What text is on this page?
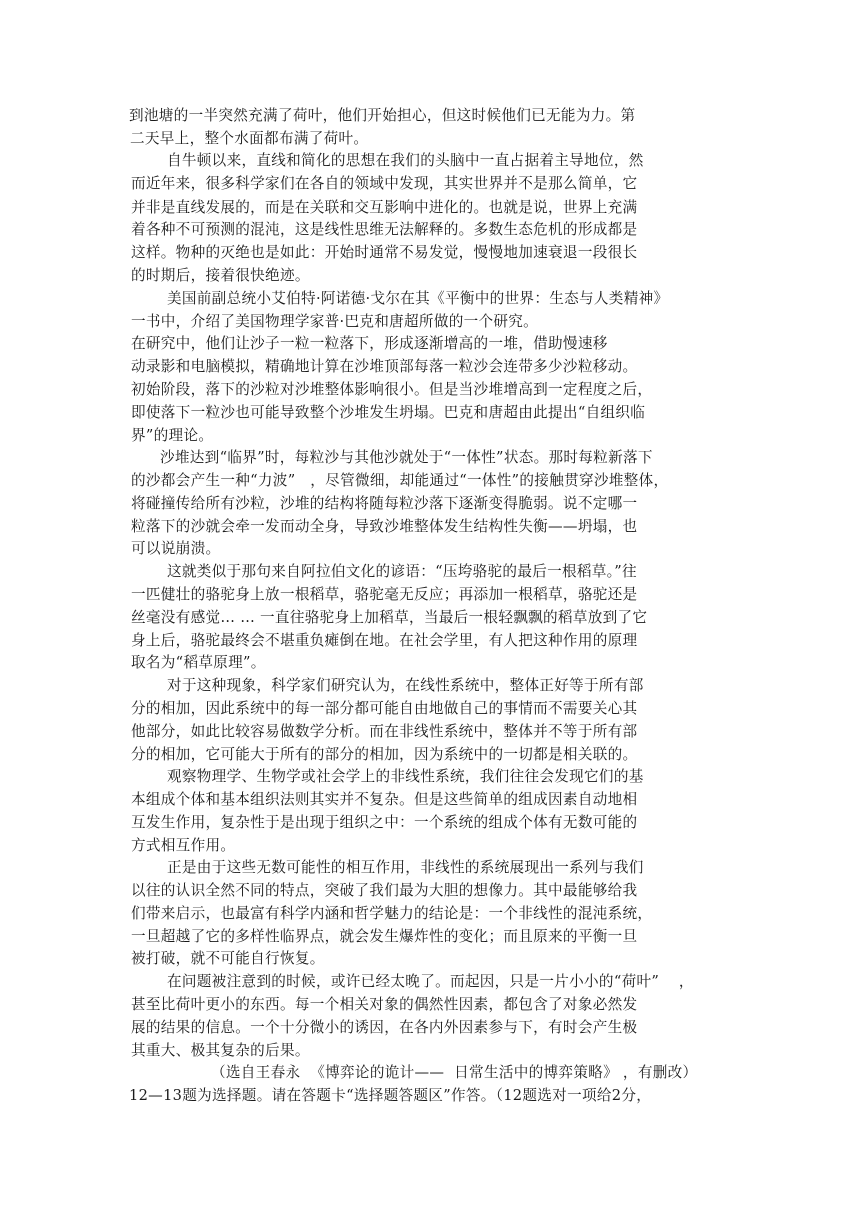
到池塘的一半突然充满了荷叶，他们开始担心，但这时候他们已无能为力。第
二天早上，整个水面都布满了荷叶。
自牛顿以来，直线和简化的思想在我们的头脑中一直占据着主导地位，然
而近年来，很多科学家们在各自的领域中发现，其实世界并不是那么简单，它
并非是直线发展的，而是在关联和交互影响中进化的。也就是说，世界上充满
着各种不可预测的混沌，这是线性思维无法解释的。多数生态危机的形成都是
这样。物种的灭绝也是如此：开始时通常不易发觉，慢慢地加速衰退一段很长
的时期后，接着很快绝迹。
美国前副总统小艾伯特·阿诺德·戈尔在其《平衡中的世界：生态与人类精神》
一书中，介绍了美国物理学家普·巴克和唐超所做的一个研究。
在研究中，他们让沙子一粒一粒落下，形成逐渐增高的一堆，借助慢速移
动录影和电脑模拟，精确地计算在沙堆顶部每落一粒沙会连带多少沙粒移动。
初始阶段，落下的沙粒对沙堆整体影响很小。但是当沙堆增高到一定程度之后，
即使落下一粒沙也可能导致整个沙堆发生坍塌。巴克和唐超由此提出“自组织临
界”的理论。
沙堆达到“临界”时，每粒沙与其他沙就处于“一体性”状态。那时每粒新落下
的沙都会产生一种“力波”   ，尽管微细，却能通过“一体性”的接触贯穿沙堆整体，
将碰撞传给所有沙粒，沙堆的结构将随每粒沙落下逐渐变得脆弱。说不定哪一
粒落下的沙就会牵一发而动全身，导致沙堆整体发生结构性失衡——坍塌，也
可以说崩溃。
这就类似于那句来自阿拉伯文化的谚语：“压垮骆驼的最后一根稻草。”往
一匹健壮的骆驼身上放一根稻草，骆驼毫无反应；再添加一根稻草，骆驼还是
丝毫没有感觉… … 一直往骆驼身上加稻草，当最后一根轻飘飘的稻草放到了它
身上后，骆驼最终会不堪重负瘫倒在地。在社会学里，有人把这种作用的原理
取名为“稻草原理”。
对于这种现象，科学家们研究认为，在线性系统中，整体正好等于所有部
分的相加，因此系统中的每一部分都可能自由地做自己的事情而不需要关心其
他部分，如此比较容易做数学分析。而在非线性系统中，整体并不等于所有部
分的相加，它可能大于所有的部分的相加，因为系统中的一切都是相关联的。
观察物理学、生物学或社会学上的非线性系统，我们往往会发现它们的基
本组成个体和基本组织法则其实并不复杂。但是这些简单的组成因素自动地相
互发生作用，复杂性于是出现于组织之中：一个系统的组成个体有无数可能的
方式相互作用。
正是由于这些无数可能性的相互作用，非线性的系统展现出一系列与我们
以往的认识全然不同的特点，突破了我们最为大胆的想像力。其中最能够给我
们带来启示，也最富有科学内涵和哲学魅力的结论是：一个非线性的混沌系统，
一旦超越了它的多样性临界点，就会发生爆炸性的变化；而且原来的平衡一旦
被打破，就不可能自行恢复。
在问题被注意到的时候，或许已经太晚了。而起因，只是一片小小的“荷叶”    ，
甚至比荷叶更小的东西。每一个相关对象的偶然性因素，都包含了对象必然发
展的结果的信息。一个十分微小的诱因，在各内外因素参与下，有时会产生极
其重大、极其复杂的后果。
（选自王春永  《博弈论的诡计——  日常生活中的博弈策略》 ，有删改）
12—13题为选择题。请在答题卡“选择题答题区”作答。（12题选对一项给2分，
